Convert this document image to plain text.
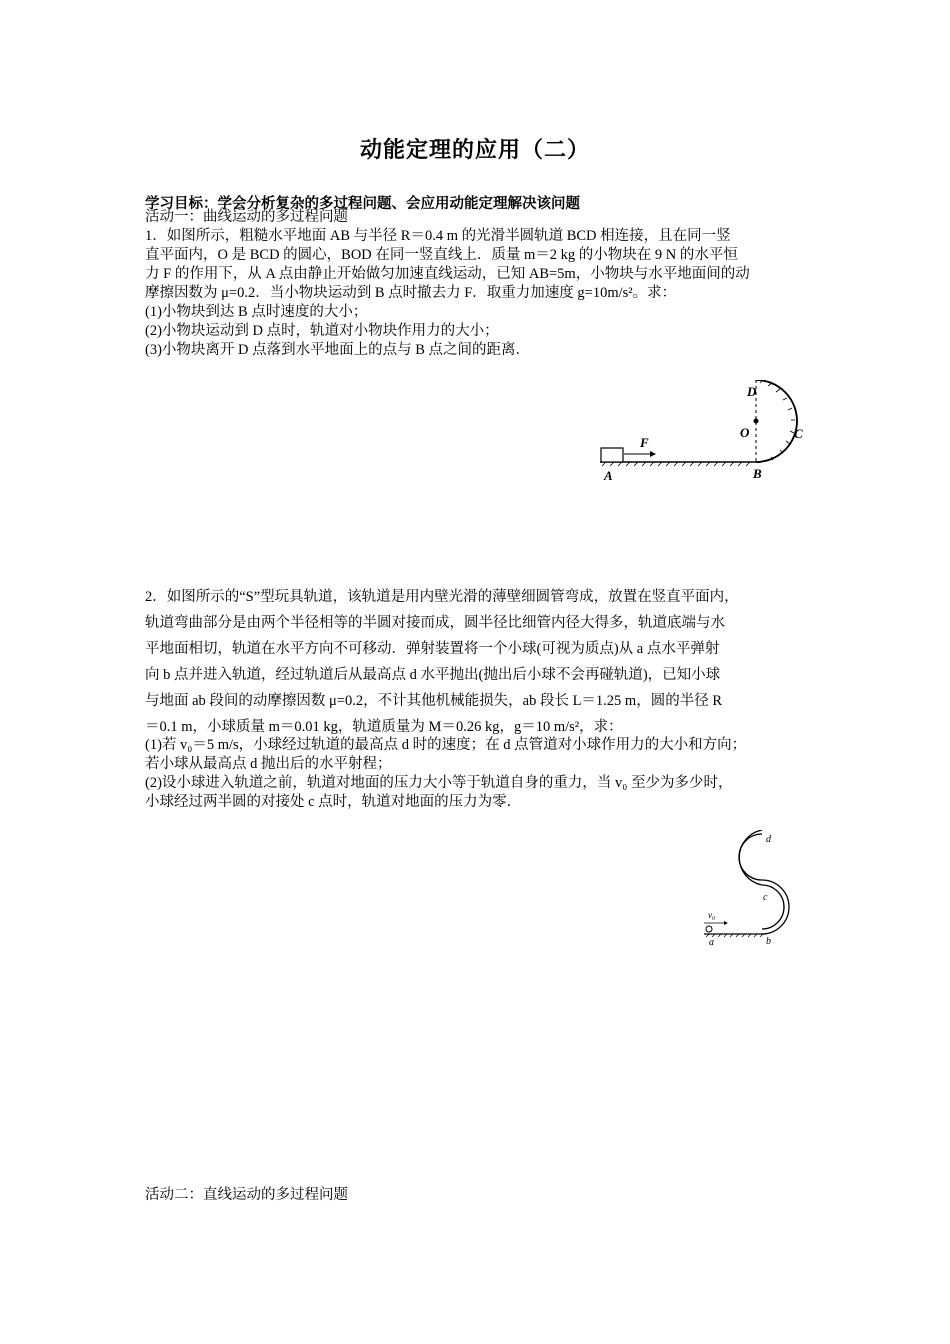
动能定理的应用（二）
学习目标：学会分析复杂的多过程问题、会应用动能定理解决该问题
活动一：曲线运动的多过程问题
1．如图所示，粗糙水平地面 AB 与半径 R＝0.4 m 的光滑半圆轨道 BCD 相连接，且在同一竖
直平面内，O 是 BCD 的圆心，BOD 在同一竖直线上．质量 m＝2 kg 的小物块在 9 N 的水平恒
力 F 的作用下，从 A 点由静止开始做匀加速直线运动，已知 AB=5m，小物块与水平地面间的动
摩擦因数为 μ=0.2．当小物块运动到 B 点时撤去力 F．取重力加速度 g=10m/s²。求：
(1)小物块到达 B 点时速度的大小；
(2)小物块运动到 D 点时，轨道对小物块作用力的大小；
(3)小物块离开 D 点落到水平地面上的点与 B 点之间的距离．
A	B
C
D
O
F
2．如图所示的“S”型玩具轨道，该轨道是用内壁光滑的薄壁细圆管弯成，放置在竖直平面内，
轨道弯曲部分是由两个半径相等的半圆对接而成，圆半径比细管内径大得多，轨道底端与水
平地面相切，轨道在水平方向不可移动．弹射装置将一个小球(可视为质点)从 a 点水平弹射
向 b 点并进入轨道，经过轨道后从最高点 d 水平抛出(抛出后小球不会再碰轨道)，已知小球
与地面 ab 段间的动摩擦因数 μ=0.2，不计其他机械能损失，ab 段长 L＝1.25 m，圆的半径 R
＝0.1 m，小球质量 m＝0.01 kg，轨道质量为 M＝0.26 kg，g＝10 m/s²，求：
(1)若 v₀＝5 m/s，小球经过轨道的最高点 d 时的速度；在 d 点管道对小球作用力的大小和方向；
若小球从最高点 d 抛出后的水平射程；
(2)设小球进入轨道之前，轨道对地面的压力大小等于轨道自身的重力，当 v₀ 至少为多少时，
小球经过两半圆的对接处 c 点时，轨道对地面的压力为零．
v₀
a	b
c
d
活动二：直线运动的多过程问题
